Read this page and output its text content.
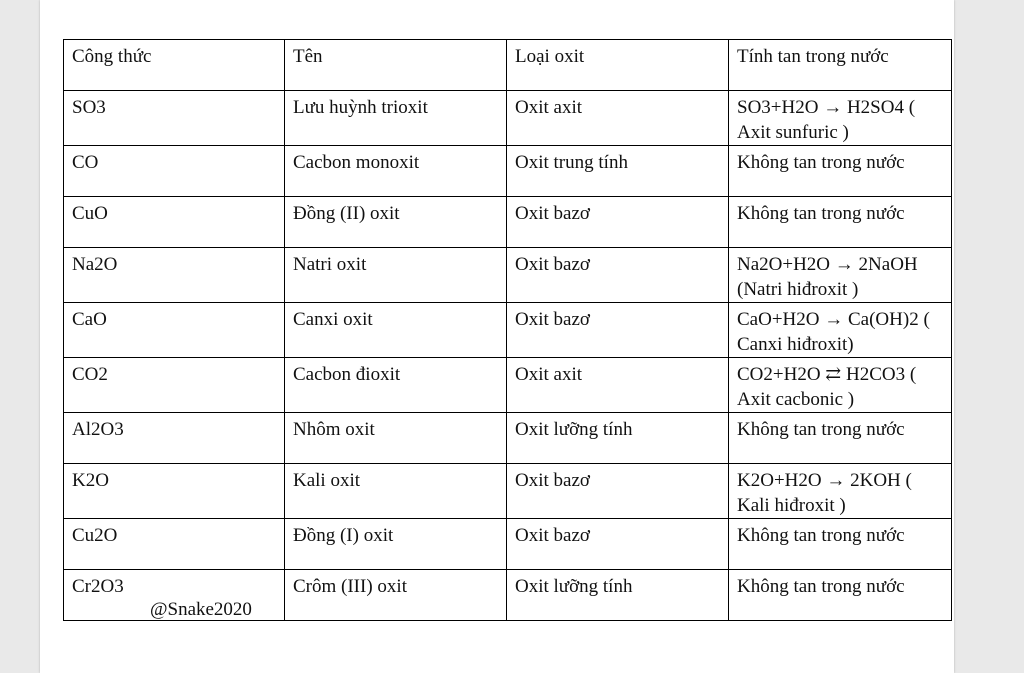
Công thức	Tên	Loại oxit	Tính tan trong nước
SO3	Lưu huỳnh trioxit	Oxit axit	SO3+H2O → H2SO4 ( Axit sunfuric )
CO	Cacbon monoxit	Oxit trung tính	Không tan trong nước
CuO	Đồng (II) oxit	Oxit bazơ	Không tan trong nước
Na2O	Natri oxit	Oxit bazơ	Na2O+H2O → 2NaOH (Natri hiđroxit )
CaO	Canxi oxit	Oxit bazơ	CaO+H2O → Ca(OH)2 ( Canxi hiđroxit)
CO2	Cacbon đioxit	Oxit axit	CO2+H2O ⇄ H2CO3 ( Axit cacbonic )
Al2O3	Nhôm oxit	Oxit lưỡng tính	Không tan trong nước
K2O	Kali oxit	Oxit bazơ	K2O+H2O → 2KOH ( Kali hiđroxit )
Cu2O	Đồng (I) oxit	Oxit bazơ	Không tan trong nước
Cr2O3	Crôm (III) oxit	Oxit lưỡng tính	Không tan trong nước
@Snake2020
